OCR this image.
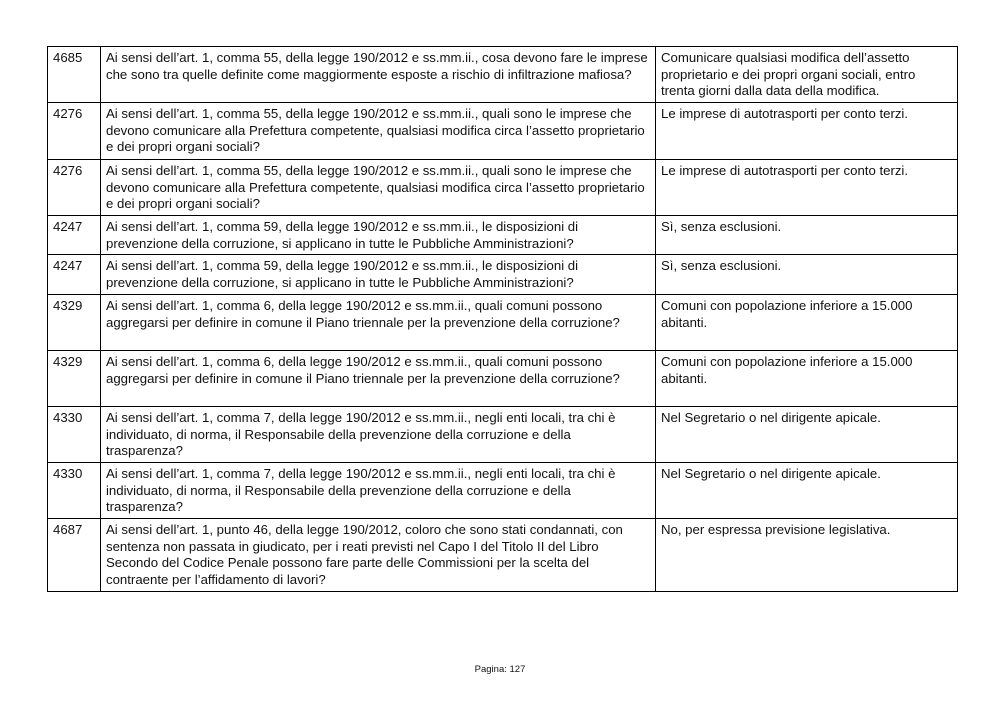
4685	Ai sensi dell’art. 1, comma 55, della legge 190/2012 e ss.mm.ii., cosa devono fare le imprese che sono tra quelle definite come maggiormente esposte a rischio di infiltrazione mafiosa?	Comunicare qualsiasi modifica dell’assetto proprietario e dei propri organi sociali, entro trenta giorni dalla data della modifica.
4276	Ai sensi dell’art. 1, comma 55, della legge 190/2012 e ss.mm.ii., quali sono le imprese che devono comunicare alla Prefettura competente, qualsiasi modifica circa l’assetto proprietario e dei propri organi sociali?	Le imprese di autotrasporti per conto terzi.
4276	Ai sensi dell’art. 1, comma 55, della legge 190/2012 e ss.mm.ii., quali sono le imprese che devono comunicare alla Prefettura competente, qualsiasi modifica circa l’assetto proprietario e dei propri organi sociali?	Le imprese di autotrasporti per conto terzi.
4247	Ai sensi dell’art. 1, comma 59, della legge 190/2012 e ss.mm.ii., le disposizioni di prevenzione della corruzione, si applicano in tutte le Pubbliche Amministrazioni?	Sì, senza esclusioni.
4247	Ai sensi dell’art. 1, comma 59, della legge 190/2012 e ss.mm.ii., le disposizioni di prevenzione della corruzione, si applicano in tutte le Pubbliche Amministrazioni?	Sì, senza esclusioni.
4329	Ai sensi dell’art. 1, comma 6, della legge 190/2012 e ss.mm.ii., quali comuni possono aggregarsi per definire in comune il Piano triennale per la prevenzione della corruzione?	Comuni con popolazione inferiore a 15.000 abitanti.
4329	Ai sensi dell’art. 1, comma 6, della legge 190/2012 e ss.mm.ii., quali comuni possono aggregarsi per definire in comune il Piano triennale per la prevenzione della corruzione?	Comuni con popolazione inferiore a 15.000 abitanti.
4330	Ai sensi dell’art. 1, comma 7, della legge 190/2012 e ss.mm.ii., negli enti locali, tra chi è individuato, di norma, il Responsabile della prevenzione della corruzione e della trasparenza?	Nel Segretario o nel dirigente apicale.
4330	Ai sensi dell’art. 1, comma 7, della legge 190/2012 e ss.mm.ii., negli enti locali, tra chi è individuato, di norma, il Responsabile della prevenzione della corruzione e della trasparenza?	Nel Segretario o nel dirigente apicale.
4687	Ai sensi dell’art. 1, punto 46, della legge 190/2012, coloro che sono stati condannati, con sentenza non passata in giudicato, per i reati previsti nel Capo I del Titolo II del Libro Secondo del Codice Penale possono fare parte delle Commissioni per la scelta del contraente per l’affidamento di lavori?	No, per espressa previsione legislativa.
Pagina: 127
